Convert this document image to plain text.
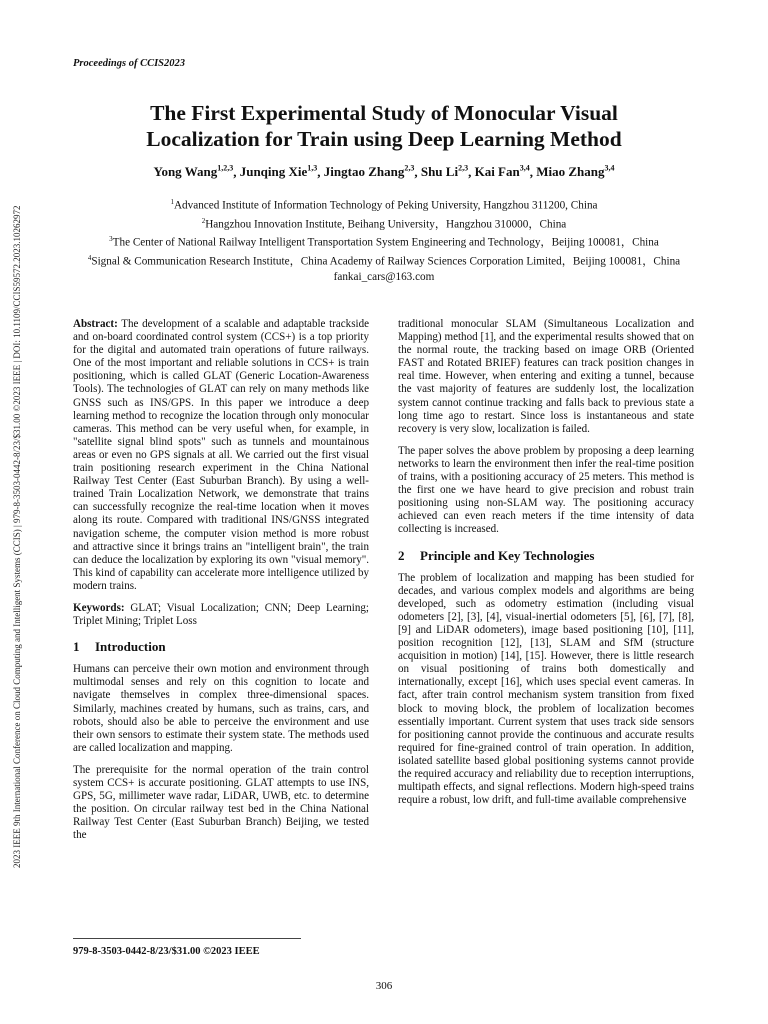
Proceedings of CCIS2023
2023 IEEE 9th International Conference on Cloud Computing and Intelligent Systems (CCIS) | 979-8-3503-0442-8/23/$31.00 ©2023 IEEE | DOI: 10.1109/CCIS59572.2023.10262972
The First Experimental Study of Monocular Visual
Localization for Train using Deep Learning Method
Yong Wang$^{1,2,3}$, Junqing Xie$^{1,3}$, Jingtao Zhang$^{2,3}$, Shu Li$^{2,3}$, Kai Fan$^{3,4}$, Miao Zhang$^{3,4}$
$^1$Advanced Institute of Information Technology of Peking University, Hangzhou 311200, China
$^2$Hangzhou Innovation Institute, Beihang University，Hangzhou 310000，China
$^3$The Center of National Railway Intelligent Transportation System Engineering and Technology，Beijing 100081，China
$^4$Signal & Communication Research Institute，China Academy of Railway Sciences Corporation Limited，Beijing 100081，China
fankai_cars@163.com

Abstract: The development of a scalable and adaptable trackside and on-board coordinated control system (CCS+) is a top priority for the digital and automated train operations of future railways. One of the most important and reliable solutions in CCS+ is train positioning, which is called GLAT (Generic Location-Awareness Tools). The technologies of GLAT can rely on many methods like GNSS such as INS/GPS. In this paper we introduce a deep learning method to recognize the location through only monocular cameras. This method can be very useful when, for example, in "satellite signal blind spots" such as tunnels and mountainous areas or even no GPS signals at all. We carried out the first visual train positioning research experiment in the China National Railway Test Center (East Suburban Branch). By using a well-trained Train Localization Network, we demonstrate that trains can successfully recognize the real-time location when it moves along its route. Compared with traditional INS/GNSS integrated navigation scheme, the computer vision method is more robust and attractive since it brings trains an "intelligent brain", the train can deduce the localization by exploring its own "visual memory". This kind of capability can accelerate more intelligence utilized by modern trains.

Keywords: GLAT; Visual Localization; CNN; Deep Learning; Triplet Mining; Triplet Loss

1 Introduction

Humans can perceive their own motion and environment through multimodal senses and rely on this cognition to locate and navigate themselves in complex three-dimensional spaces. Similarly, machines created by humans, such as trains, cars, and robots, should also be able to perceive the environment and use their own sensors to estimate their system state. The methods used are called localization and mapping.

The prerequisite for the normal operation of the train control system CCS+ is accurate positioning. GLAT attempts to use INS, GPS, 5G, millimeter wave radar, LiDAR, UWB, etc. to determine the position. On circular railway test bed in the China National Railway Test Center (East Suburban Branch) Beijing, we tested the

traditional monocular SLAM (Simultaneous Localization and Mapping) method [1], and the experimental results showed that on the normal route, the tracking based on image ORB (Oriented FAST and Rotated BRIEF) features can track position changes in real time. However, when entering and exiting a tunnel, because the vast majority of features are suddenly lost, the localization system cannot continue tracking and falls back to previous state a long time ago to restart. Since loss is instantaneous and state recovery is very slow, localization is failed.

The paper solves the above problem by proposing a deep learning networks to learn the environment then infer the real-time position of trains, with a positioning accuracy of 25 meters. This method is the first one we have heard to give precision and robust train positioning using non-SLAM way. The positioning accuracy achieved can even reach meters if the time intensity of data collecting is increased.

2 Principle and Key Technologies

The problem of localization and mapping has been studied for decades, and various complex models and algorithms are being developed, such as odometry estimation (including visual odometers [2], [3], [4], visual-inertial odometers [5], [6], [7], [8], [9] and LiDAR odometers), image based positioning [10], [11], position recognition [12], [13], SLAM and SfM (structure acquisition in motion) [14], [15]. However, there is little research on visual positioning of trains both domestically and internationally, except [16], which uses special event cameras. In fact, after train control mechanism system transition from fixed block to moving block, the problem of localization becomes essentially important. Current system that uses track side sensors for positioning cannot provide the continuous and accurate results required for fine-grained control of train operation. In addition, isolated satellite based global positioning systems cannot provide the required accuracy and reliability due to reception interruptions, multipath effects, and signal reflections. Modern high-speed trains require a robust, low drift, and full-time available comprehensive

979-8-3503-0442-8/23/$31.00 ©2023 IEEE
306
